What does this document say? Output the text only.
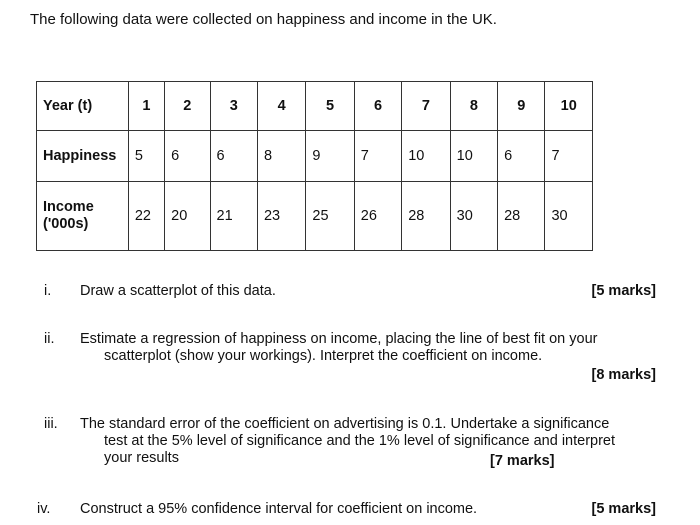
The following data were collected on happiness and income in the UK.
Year (t)	1	2	3	4	5	6	7	8	9	10
Happiness	5	6	6	8	9	7	10	10	6	7

Income
('000s)	22	20	21	23	25	26	28	30	28	30
i. Draw a scatterplot of this data.	[5 marks]
ii. Estimate a regression of happiness on income, placing the line of best fit on your
scatterplot (show your workings). Interpret the coefficient on income.
[8 marks]
iii. The standard error of the coefficient on advertising is 0.1. Undertake a significance
test at the 5% level of significance and the 1% level of significance and interpret
your results	[7 marks]
iv. Construct a 95% confidence interval for coefficient on income.	[5 marks]
